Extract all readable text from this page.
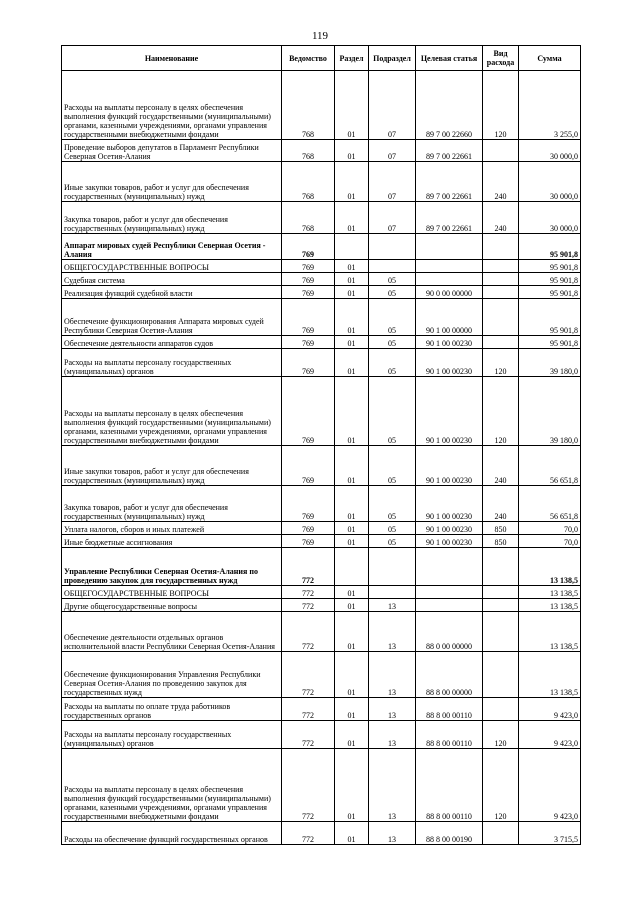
119
Наименование	Ведомство	Раздел	Подраздел	Целевая статья	Вид расхода	Сумма
Расходы на выплаты персоналу в целях обеспечения выполнения функций государственными (муниципальными) органами, казенными учреждениями, органами управления государственными внебюджетными фондами	768	01	07	89 7 00 22660	120	3 255,0
Проведение выборов депутатов в Парламент Республики Северная Осетия-Алания	768	01	07	89 7 00 22661		30 000,0
Иные закупки товаров, работ и услуг для обеспечения государственных (муниципальных) нужд	768	01	07	89 7 00 22661	240	30 000,0
Закупка товаров, работ и услуг для обеспечения государственных (муниципальных) нужд	768	01	07	89 7 00 22661	240	30 000,0
Аппарат мировых судей Республики Северная Осетия - Алания	769					95 901,8
ОБЩЕГОСУДАРСТВЕННЫЕ ВОПРОСЫ	769	01				95 901,8
Судебная система	769	01	05			95 901,8
Реализация функций судебной власти	769	01	05	90 0 00 00000		95 901,8
Обеспечение функционирования Аппарата мировых судей Республики Северная Осетия-Алания	769	01	05	90 1 00 00000		95 901,8
Обеспечение деятельности аппаратов судов	769	01	05	90 1 00 00230		95 901,8
Расходы на выплаты персоналу государственных (муниципальных) органов	769	01	05	90 1 00 00230	120	39 180,0
Расходы на выплаты персоналу в целях обеспечения выполнения функций государственными (муниципальными) органами, казенными учреждениями, органами управления государственными внебюджетными фондами	769	01	05	90 1 00 00230	120	39 180,0
Иные закупки товаров, работ и услуг для обеспечения государственных (муниципальных) нужд	769	01	05	90 1 00 00230	240	56 651,8
Закупка товаров, работ и услуг для обеспечения государственных (муниципальных) нужд	769	01	05	90 1 00 00230	240	56 651,8
Уплата налогов, сборов и иных платежей	769	01	05	90 1 00 00230	850	70,0
Иные бюджетные ассигнования	769	01	05	90 1 00 00230	850	70,0
Управление Республики Северная Осетия-Алания по проведению закупок для государственных нужд	772					13 138,5
ОБЩЕГОСУДАРСТВЕННЫЕ ВОПРОСЫ	772	01				13 138,5
Другие общегосударственные вопросы	772	01	13			13 138,5
Обеспечение деятельности отдельных органов исполнительной власти Республики Северная Осетия-Алания	772	01	13	88 0 00 00000		13 138,5
Обеспечение функционирования Управления Республики Северная Осетия-Алания по проведению закупок для государственных нужд	772	01	13	88 8 00 00000		13 138,5
Расходы на выплаты по оплате труда работников государственных органов	772	01	13	88 8 00 00110		9 423,0
Расходы на выплаты персоналу государственных (муниципальных) органов	772	01	13	88 8 00 00110	120	9 423,0
Расходы на выплаты персоналу в целях обеспечения выполнения функций государственными (муниципальными) органами, казенными учреждениями, органами управления государственными внебюджетными фондами	772	01	13	88 8 00 00110	120	9 423,0
Расходы на обеспечение функций государственных органов	772	01	13	88 8 00 00190		3 715,5
